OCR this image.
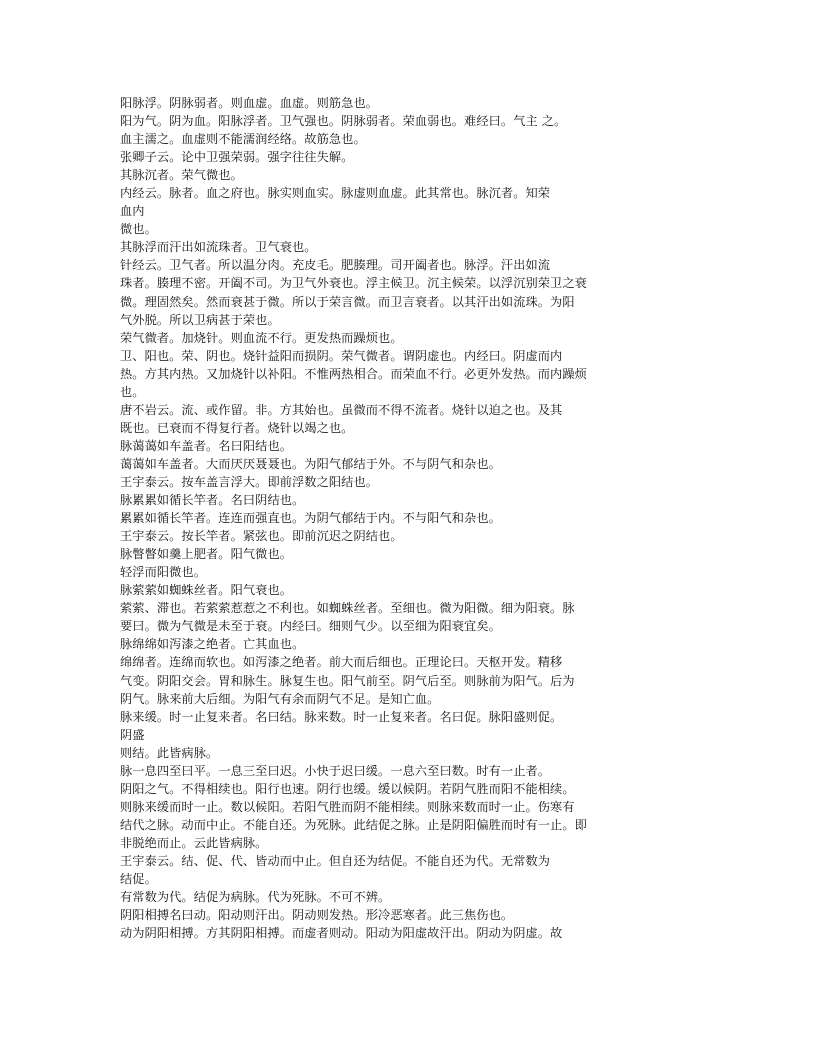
阳脉浮。阴脉弱者。则血虚。血虚。则筋急也。
阳为气。阴为血。阳脉浮者。卫气强也。阴脉弱者。荣血弱也。难经曰。气主 之。
血主濡之。血虚则不能濡润经络。故筋急也。
张卿子云。论中卫强荣弱。强字往往失解。
其脉沉者。荣气微也。
内经云。脉者。血之府也。脉实则血实。脉虚则血虚。此其常也。脉沉者。知荣
血内
微也。
其脉浮而汗出如流珠者。卫气衰也。
针经云。卫气者。所以温分肉。充皮毛。肥腠理。司开阖者也。脉浮。汗出如流
珠者。腠理不密。开阖不司。为卫气外衰也。浮主候卫。沉主候荣。以浮沉别荣卫之衰
微。理固然矣。然而衰甚于微。所以于荣言微。而卫言衰者。以其汗出如流珠。为阳
气外脱。所以卫病甚于荣也。
荣气微者。加烧针。则血流不行。更发热而躁烦也。
卫、阳也。荣、阴也。烧针益阳而损阴。荣气微者。谓阴虚也。内经曰。阴虚而内
热。方其内热。又加烧针以补阳。不惟两热相合。而荣血不行。必更外发热。而内躁烦
也。
唐不岩云。流、或作留。非。方其始也。虽微而不得不流者。烧针以迫之也。及其
既也。已衰而不得复行者。烧针以竭之也。
脉蔼蔼如车盖者。名曰阳结也。
蔼蔼如车盖者。大而厌厌聂聂也。为阳气郁结于外。不与阴气和杂也。
王宇泰云。按车盖言浮大。即前浮数之阳结也。
脉累累如循长竿者。名曰阴结也。
累累如循长竿者。连连而强直也。为阴气郁结于内。不与阳气和杂也。
王宇泰云。按长竿者。紧弦也。即前沉迟之阴结也。
脉瞥瞥如羹上肥者。阳气微也。
轻浮而阳微也。
脉萦萦如蜘蛛丝者。阳气衰也。
萦萦、滞也。若萦萦惹惹之不利也。如蜘蛛丝者。至细也。微为阳微。细为阳衰。脉
要曰。微为气微是未至于衰。内经曰。细则气少。以至细为阳衰宜矣。
脉绵绵如泻漆之绝者。亡其血也。
绵绵者。连绵而软也。如泻漆之绝者。前大而后细也。正理论曰。天枢开发。精移
气变。阴阳交会。胃和脉生。脉复生也。阳气前至。阴气后至。则脉前为阳气。后为
阴气。脉来前大后细。为阳气有余而阴气不足。是知亡血。
脉来缓。时一止复来者。名曰结。脉来数。时一止复来者。名曰促。脉阳盛则促。
阴盛
则结。此皆病脉。
脉一息四至曰平。一息三至曰迟。小快于迟曰缓。一息六至曰数。时有一止者。
阴阳之气。不得相续也。阳行也速。阴行也缓。缓以候阴。若阴气胜而阳不能相续。
则脉来缓而时一止。数以候阳。若阳气胜而阴不能相续。则脉来数而时一止。伤寒有
结代之脉。动而中止。不能自还。为死脉。此结促之脉。止是阴阳偏胜而时有一止。即
非脱绝而止。云此皆病脉。
王宇泰云。结、促、代、皆动而中止。但自还为结促。不能自还为代。无常数为
结促。
有常数为代。结促为病脉。代为死脉。不可不辨。
阴阳相搏名曰动。阳动则汗出。阴动则发热。形冷恶寒者。此三焦伤也。
动为阴阳相搏。方其阴阳相搏。而虚者则动。阳动为阳虚故汗出。阴动为阴虚。故
